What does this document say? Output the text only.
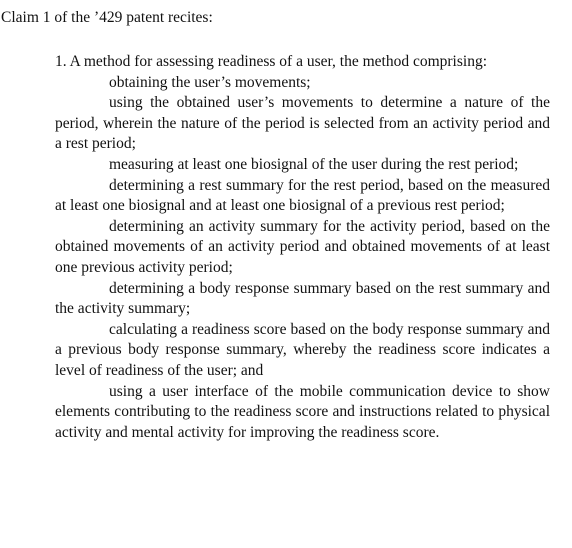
Claim 1 of the ’429 patent recites:

1. A method for assessing readiness of a user, the method comprising:

obtaining the user’s movements;

using the obtained user’s movements to determine a nature of the period, wherein the nature of the period is selected from an activity period and a rest period;

measuring at least one biosignal of the user during the rest period;

determining a rest summary for the rest period, based on the measured at least one biosignal and at least one biosignal of a previous rest period;

determining an activity summary for the activity period, based on the obtained movements of an activity period and obtained movements of at least one previous activity period;

determining a body response summary based on the rest summary and the activity summary;

calculating a readiness score based on the body response summary and a previous body response summary, whereby the readiness score indicates a level of readiness of the user; and

using a user interface of the mobile communication device to show elements contributing to the readiness score and instructions related to physical activity and mental activity for improving the readiness score.
